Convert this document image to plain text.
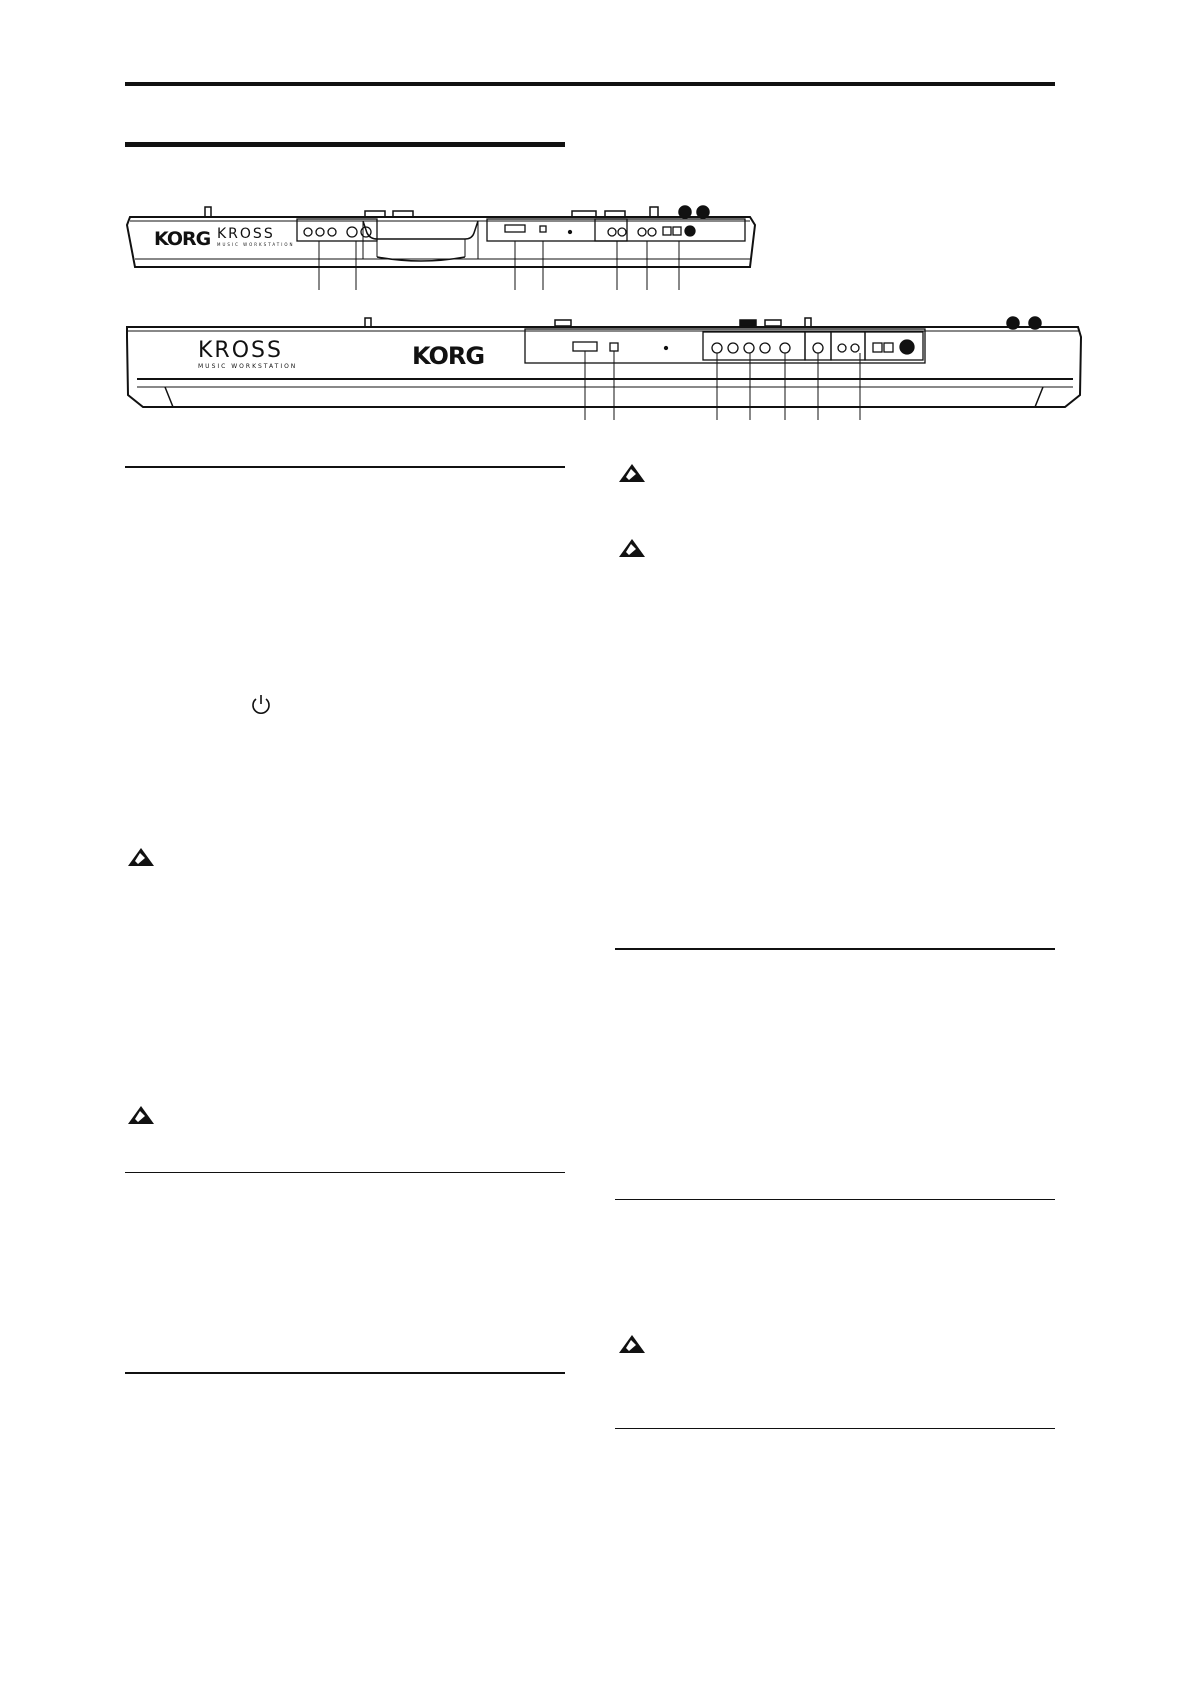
KORG KROSS
MUSIC WORKSTATION
KROSS
MUSIC WORKSTATION	KORG
